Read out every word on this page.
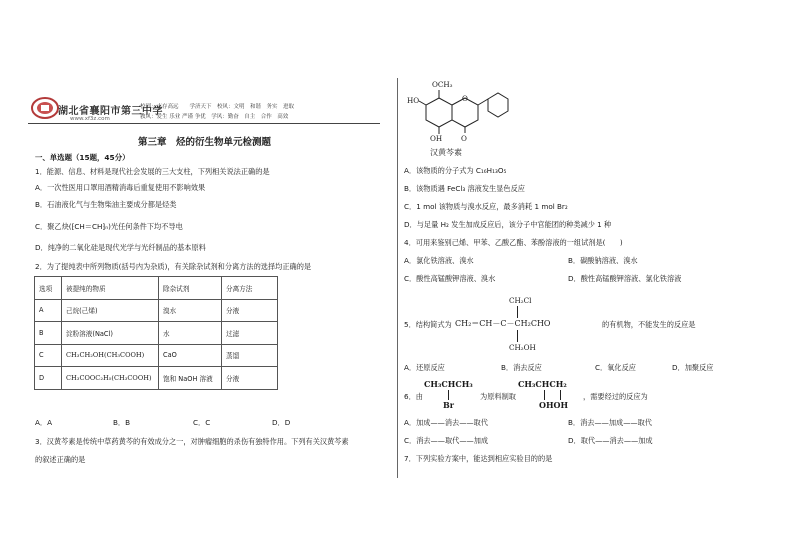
湖北省襄阳市第三中学
www.xf3z.com
校训：志存高远　　学济天下　校风：文明　和谐　务实　进取
教风：爱生 乐业 严谨 争优　学风：勤奋　自主　合作　高效
第三章　烃的衍生物单元检测题
一、单选题（15题，45分）
1．能源、信息、材料是现代社会发展的三大支柱，下列相关说法正确的是
A．一次性医用口罩用酒精消毒后重复使用不影响效果
B．石油液化气与生物柴油主要成分都是烃类
C．聚乙炔(⁅CH＝CH⁆ₙ)光任何条件下均不导电
D．纯净的二氧化硅是现代光学与光纤制品的基本原料
2．为了提纯表中所列物质(括号内为杂质)，有关除杂试剂和分离方法的选择均正确的是
选项	被提纯的物质	除杂试剂	分离方法
A	己烷(己烯)	溴水	分液
B	淀粉溶液(NaCl)	水	过滤
C	CH₃CH₂OH(CH₃COOH)	CaO	蒸馏
D	CH₃COOC₂H₅(CH₃COOH)	饱和 NaOH 溶液	分液
A．A	B．B	C．C	D．D
3．汉黄芩素是传统中草药黄芩的有效成分之一，对肿瘤细胞的杀伤有独特作用。下列有关汉黄芩素
的叙述正确的是
OCH₃
HO	O
OH	O
汉黄芩素
A．该物质的分子式为 C₁₆H₁₃O₅
B．该物质遇 FeCl₃ 溶液发生显色反应
C．1 mol 该物质与溴水反应，最多消耗 1 mol Br₂
D．与足量 H₂ 发生加成反应后，该分子中官能团的种类减少 1 种
4．可用来鉴别己烯、甲苯、乙酸乙酯、苯酚溶液的一组试剂是(　　)
A．氯化铁溶液、溴水	B．碳酸钠溶液、溴水
C．酸性高锰酸钾溶液、溴水	D．酸性高锰酸钾溶液、氯化铁溶液
CH₂Cl
5．结构简式为 CH₂＝CH－C－CH₂CHO	的有机物，不能发生的反应是
CH₂OH
A．还原反应	B．消去反应	C．氧化反应	D．加聚反应
CH₃CHCH₃	CH₃CHCH₂
6．由	为原料制取	，需要经过的反应为
Br	OHOH
A．加成——消去——取代	B．消去——加成——取代
C．消去——取代——加成	D．取代——消去——加成
7．下列实验方案中，能达到相应实验目的的是
